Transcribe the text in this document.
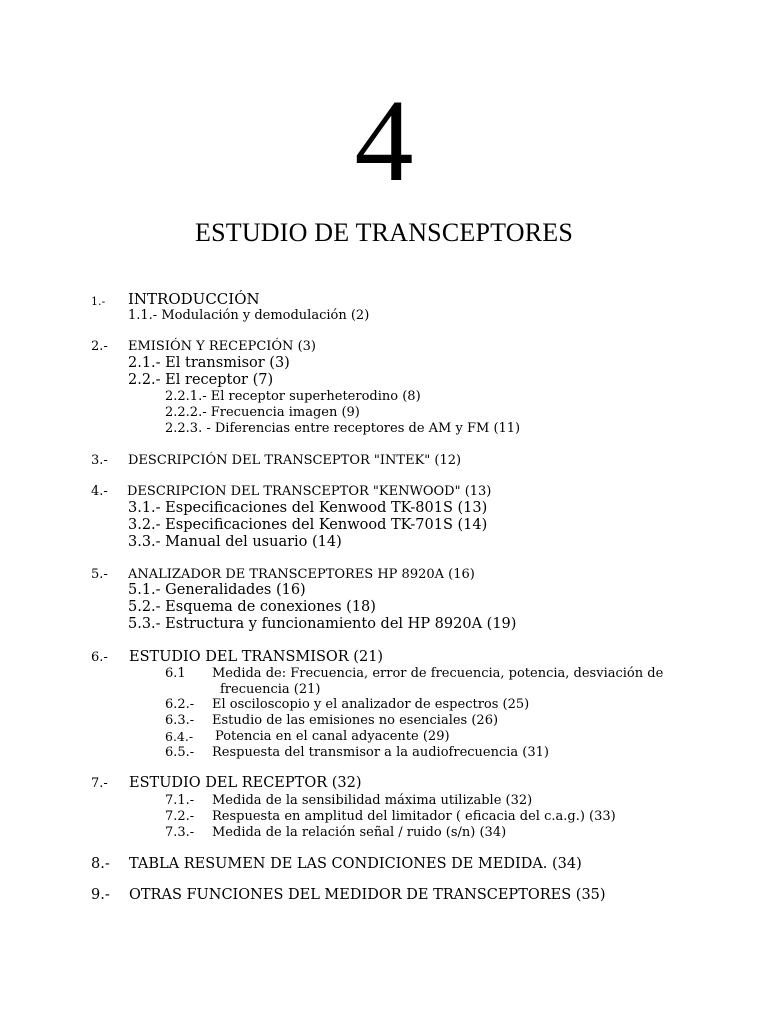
4
ESTUDIO DE TRANSCEPTORES
1.- INTRODUCCIÓN
1.1.- Modulación y demodulación (2)
2.- EMISIÓN Y RECEPCIÓN (3)
2.1.- El transmisor (3)
2.2.- El receptor (7)
2.2.1.- El receptor superheterodino (8)
2.2.2.- Frecuencia imagen (9)
2.2.3. - Diferencias entre receptores de AM y FM (11)
3.- DESCRIPCIÓN DEL TRANSCEPTOR "INTEK" (12)
4.- DESCRIPCION DEL TRANSCEPTOR "KENWOOD" (13)
3.1.- Especificaciones del Kenwood TK-801S (13)
3.2.- Especificaciones del Kenwood TK-701S (14)
3.3.- Manual del usuario (14)
5.- ANALIZADOR DE TRANSCEPTORES HP 8920A (16)
5.1.- Generalidades (16)
5.2.- Esquema de conexiones (18)
5.3.- Estructura y funcionamiento del HP 8920A (19)
6.- ESTUDIO DEL TRANSMISOR (21)
6.1 Medida de: Frecuencia, error de frecuencia, potencia, desviación de
frecuencia (21)
6.2.- El osciloscopio y el analizador de espectros (25)
6.3.- Estudio de las emisiones no esenciales (26)
6.4.- Potencia en el canal adyacente (29)
6.5.- Respuesta del transmisor a la audiofrecuencia (31)
7.- ESTUDIO DEL RECEPTOR (32)
7.1.- Medida de la sensibilidad máxima utilizable (32)
7.2.- Respuesta en amplitud del limitador ( eficacia del c.a.g.) (33)
7.3.- Medida de la relación señal / ruido (s/n) (34)
8.- TABLA RESUMEN DE LAS CONDICIONES DE MEDIDA. (34)
9.- OTRAS FUNCIONES DEL MEDIDOR DE TRANSCEPTORES (35)
